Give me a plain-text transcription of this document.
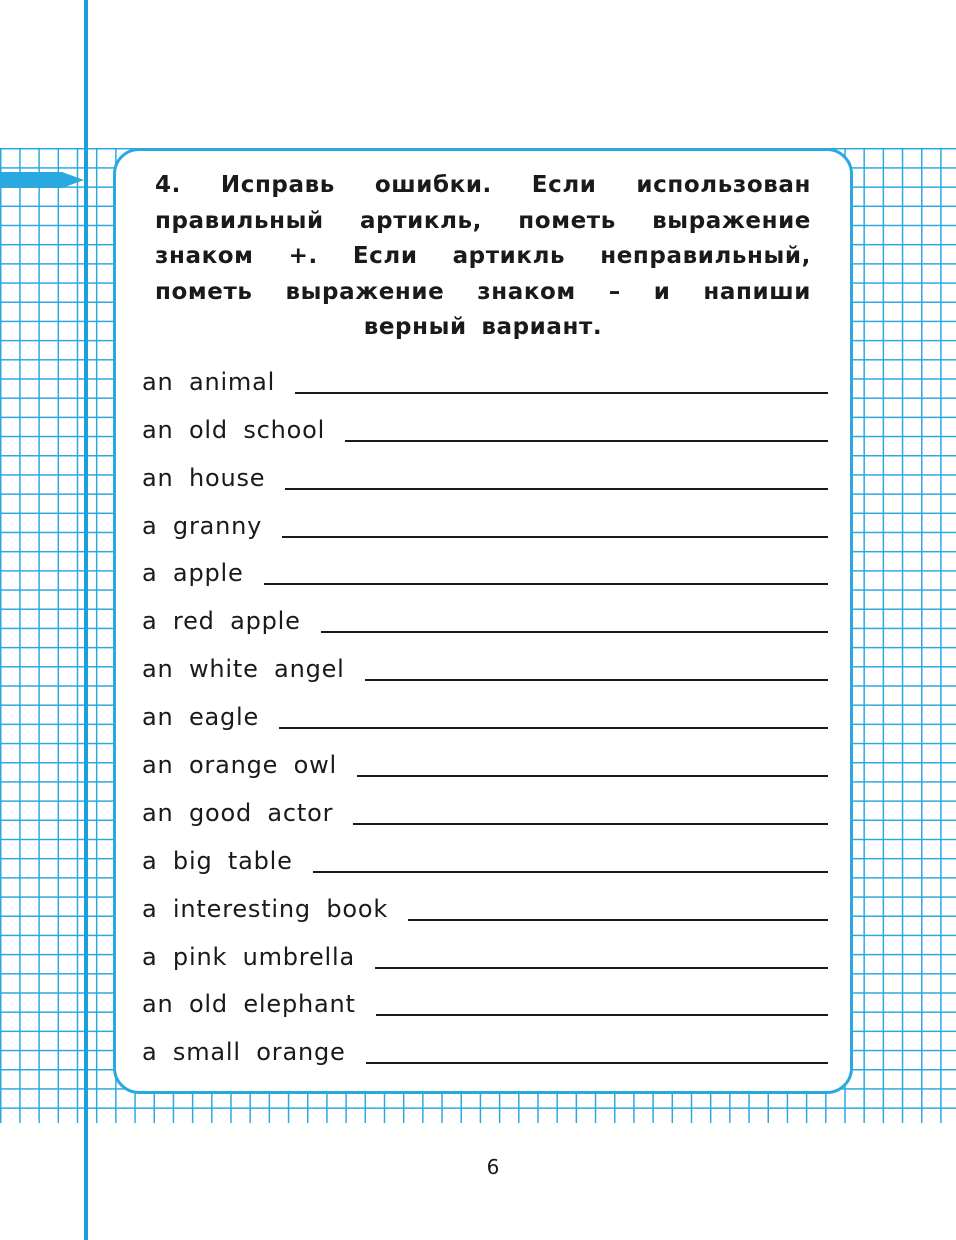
4. Исправь ошибки. Если использован правильный артикль, пометь выражение знаком +. Если артикль неправильный, пометь выражение знаком – и напиши верный вариант.

an animal
an old school
an house
a granny
a apple
a red apple
an white angel
an eagle
an orange owl
an good actor
a big table
a interesting book
a pink umbrella
an old elephant
a small orange
6
